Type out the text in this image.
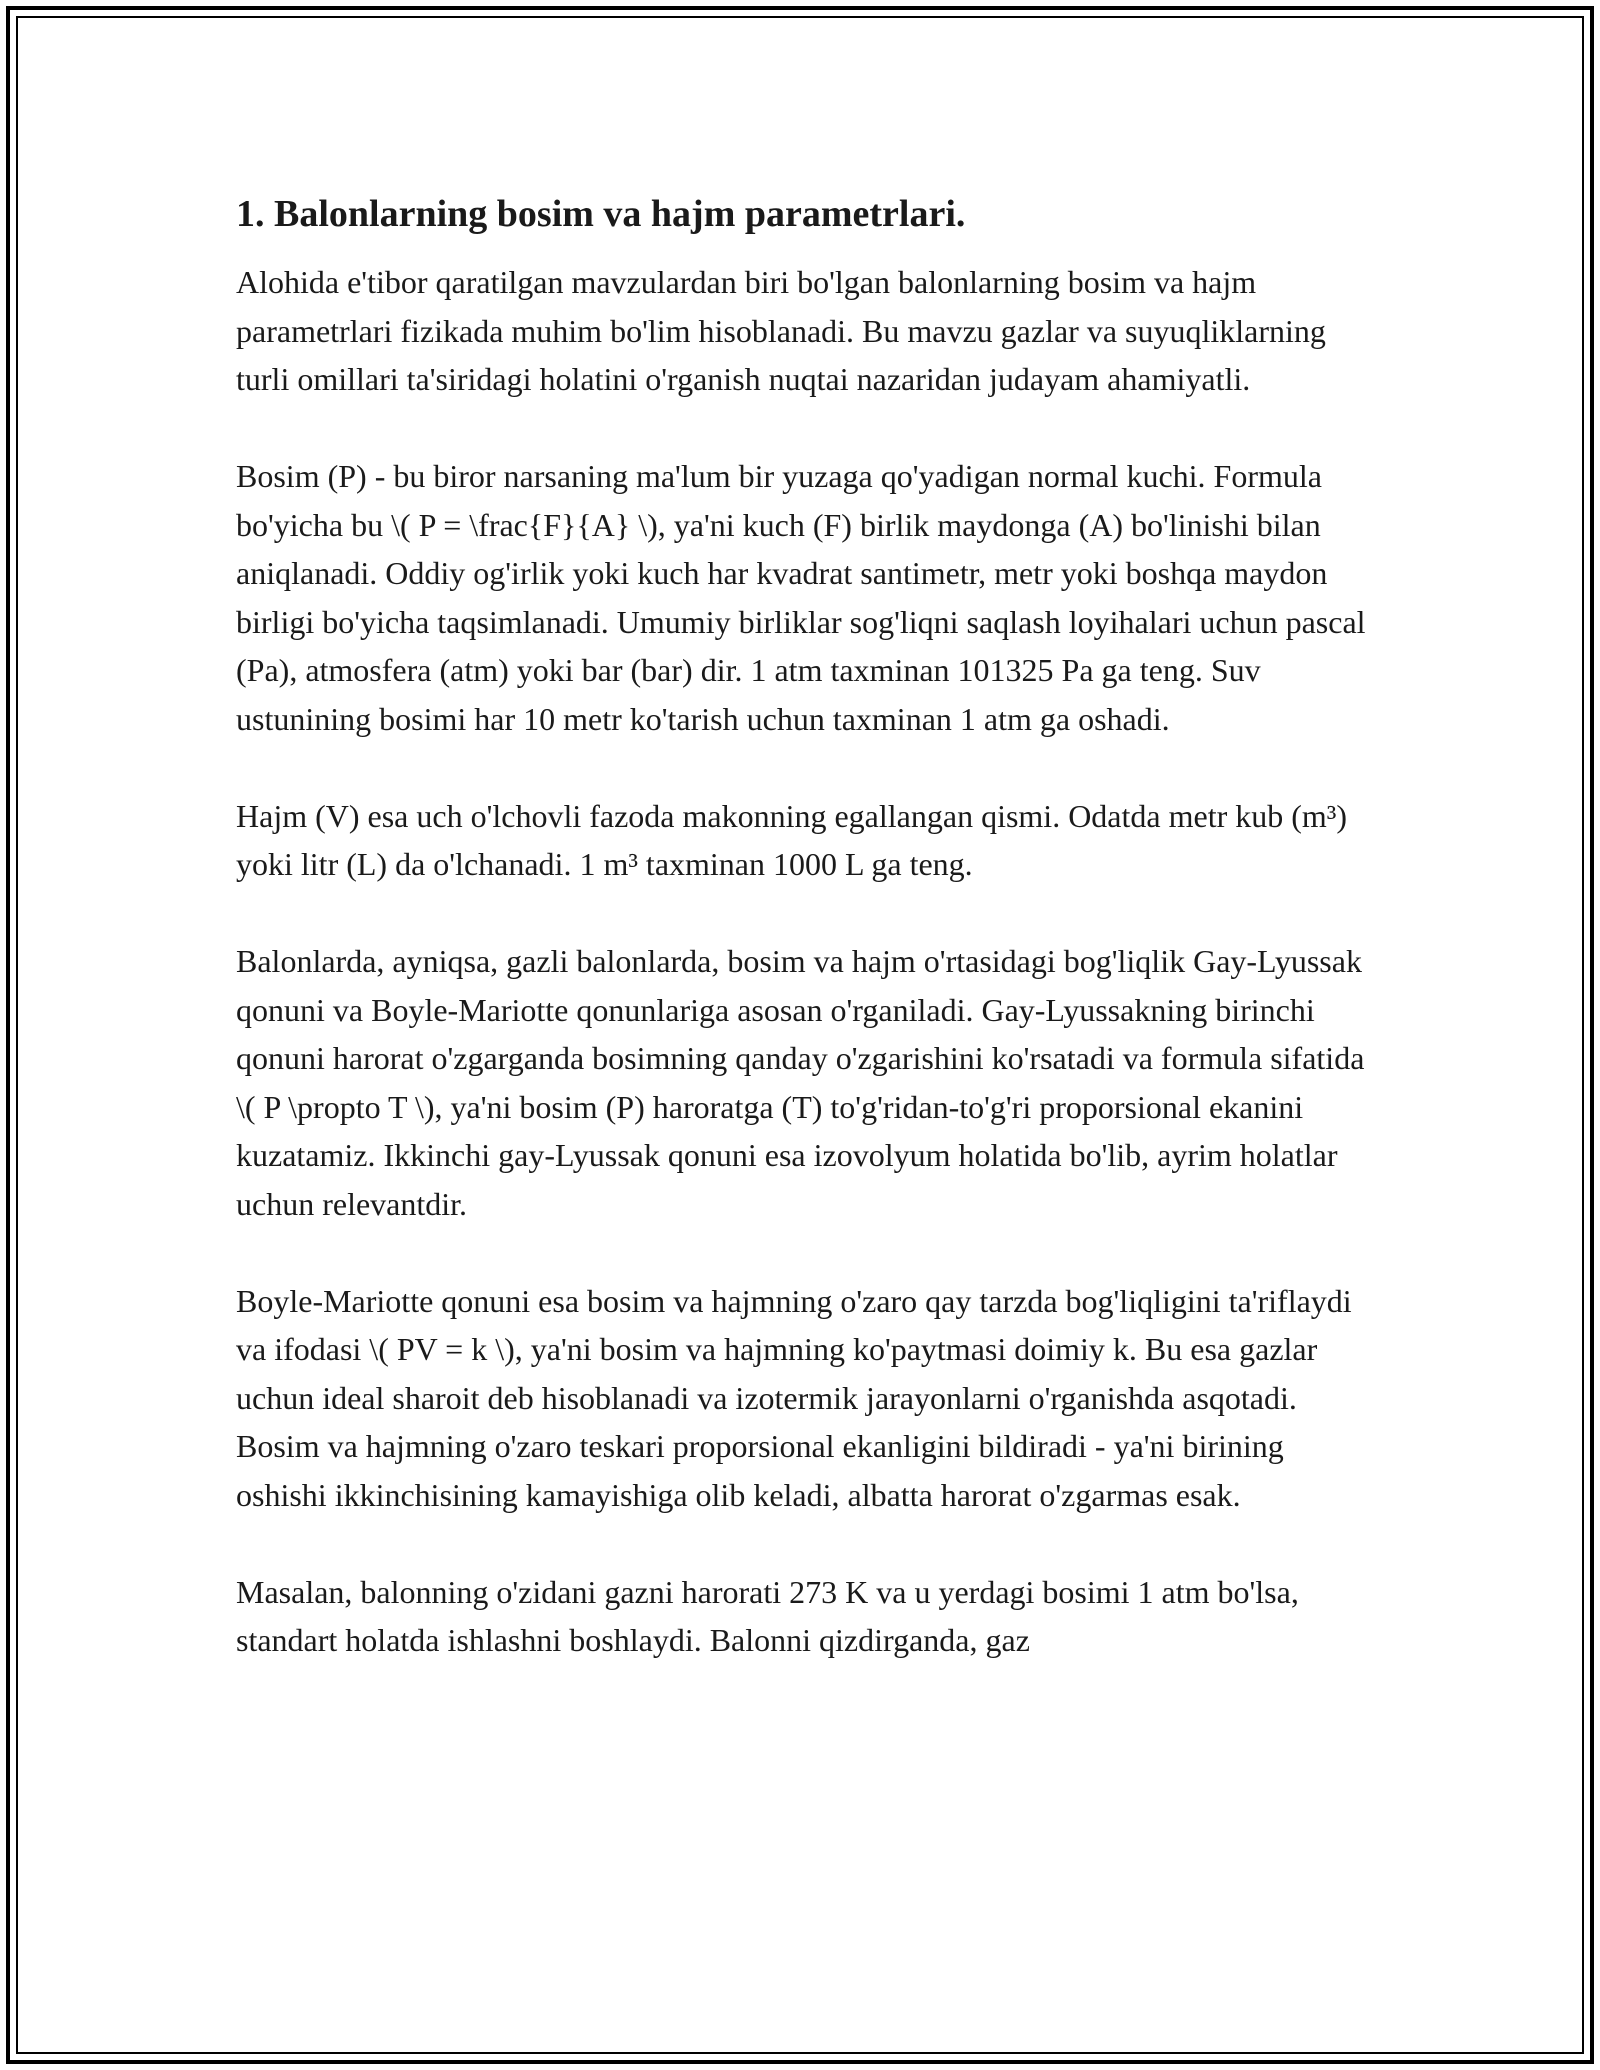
1. Balonlarning bosim va hajm parametrlari.

Alohida e'tibor qaratilgan mavzulardan biri bo'lgan balonlarning bosim va hajm parametrlari fizikada muhim bo'lim hisoblanadi. Bu mavzu gazlar va suyuqliklarning turli omillari ta'siridagi holatini o'rganish nuqtai nazaridan judayam ahamiyatli.

Bosim (P) - bu biror narsaning ma'lum bir yuzaga qo'yadigan normal kuchi. Formula bo'yicha bu \( P = \frac{F}{A} \), ya'ni kuch (F) birlik maydonga (A) bo'linishi bilan aniqlanadi. Oddiy og'irlik yoki kuch har kvadrat santimetr, metr yoki boshqa maydon birligi bo'yicha taqsimlanadi. Umumiy birliklar sog'liqni saqlash loyihalari uchun pascal (Pa), atmosfera (atm) yoki bar (bar) dir. 1 atm taxminan 101325 Pa ga teng. Suv ustunining bosimi har 10 metr ko'tarish uchun taxminan 1 atm ga oshadi.

Hajm (V) esa uch o'lchovli fazoda makonning egallangan qismi. Odatda metr kub (m³) yoki litr (L) da o'lchanadi. 1 m³ taxminan 1000 L ga teng.

Balonlarda, ayniqsa, gazli balonlarda, bosim va hajm o'rtasidagi bog'liqlik Gay-Lyussak qonuni va Boyle-Mariotte qonunlariga asosan o'rganiladi. Gay-Lyussakning birinchi qonuni harorat o'zgarganda bosimning qanday o'zgarishini ko'rsatadi va formula sifatida \( P \propto T \), ya'ni bosim (P) haroratga (T) to'g'ridan-to'g'ri proporsional ekanini kuzatamiz. Ikkinchi gay-Lyussak qonuni esa izovolyum holatida bo'lib, ayrim holatlar uchun relevantdir.

Boyle-Mariotte qonuni esa bosim va hajmning o'zaro qay tarzda bog'liqligini ta'riflaydi va ifodasi \( PV = k \), ya'ni bosim va hajmning ko'paytmasi doimiy k. Bu esa gazlar uchun ideal sharoit deb hisoblanadi va izotermik jarayonlarni o'rganishda asqotadi. Bosim va hajmning o'zaro teskari proporsional ekanligini bildiradi - ya'ni birining oshishi ikkinchisining kamayishiga olib keladi, albatta harorat o'zgarmas esak.

Masalan, balonning o'zidani gazni harorati 273 K va u yerdagi bosimi 1 atm bo'lsa, standart holatda ishlashni boshlaydi. Balonni qizdirganda, gaz
